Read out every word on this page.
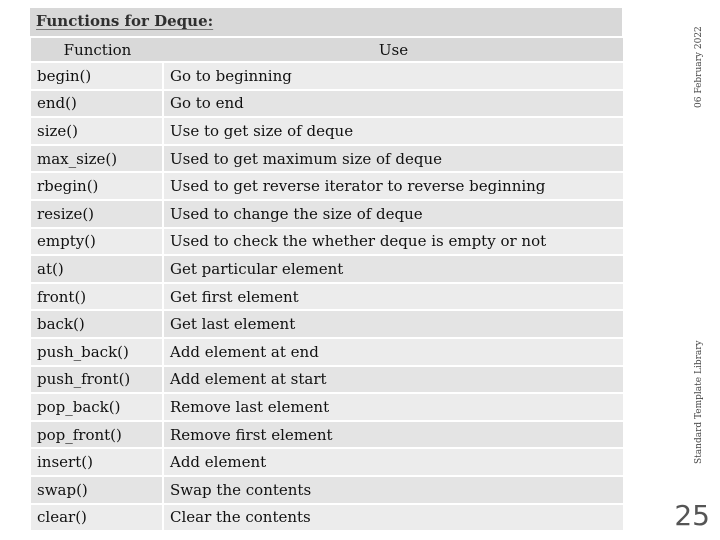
Functions for Deque:
Function	Use
begin()	Go to beginning
end()	Go to end
size()	Use to get size of deque
max_size()	Used to get maximum size of deque
rbegin()	Used to get reverse iterator to reverse beginning
resize()	Used to change the size of deque
empty()	Used to check the whether deque is empty or not
at()	Get particular element
front()	Get first element
back()	Get last element
push_back()	Add element at end
push_front()	Add element at start
pop_back()	Remove last element
pop_front()	Remove first element
insert()	Add element
swap()	Swap the contents
clear()	Clear the contents
06 February 2022
Standard Template Library
25
